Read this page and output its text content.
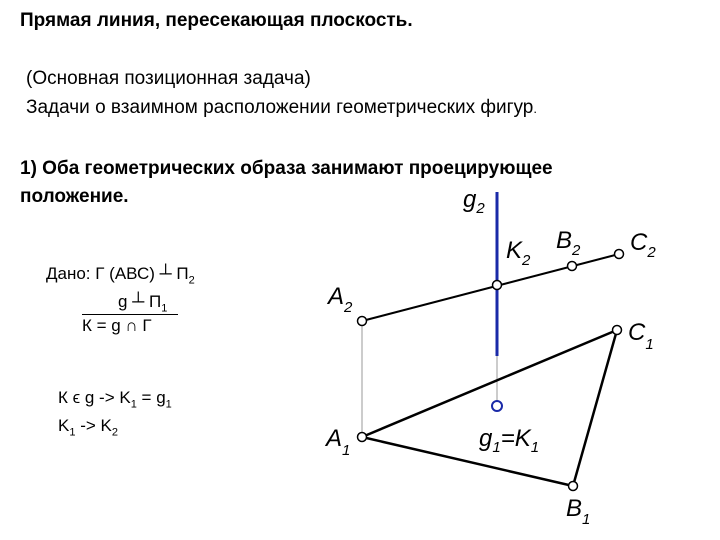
Прямая линия, пересекающая плоскость.
(Основная позиционная задача)
Задачи о взаимном расположении геометрических фигур.
1) Оба геометрических образа занимают проецирующее
положение.
Дано: Г (АВС) ┴ $П_2$
g ┴ $П_1$
К = g ∩ Г
К ϵ $g -> K_1 = g_1$
$K_1 -> K_2$
$g_2$
$K_2$
$B_2$ $C_2$
$A_2$
$C_1$
$A_1$	$g_1=K_1$
$B_1$
